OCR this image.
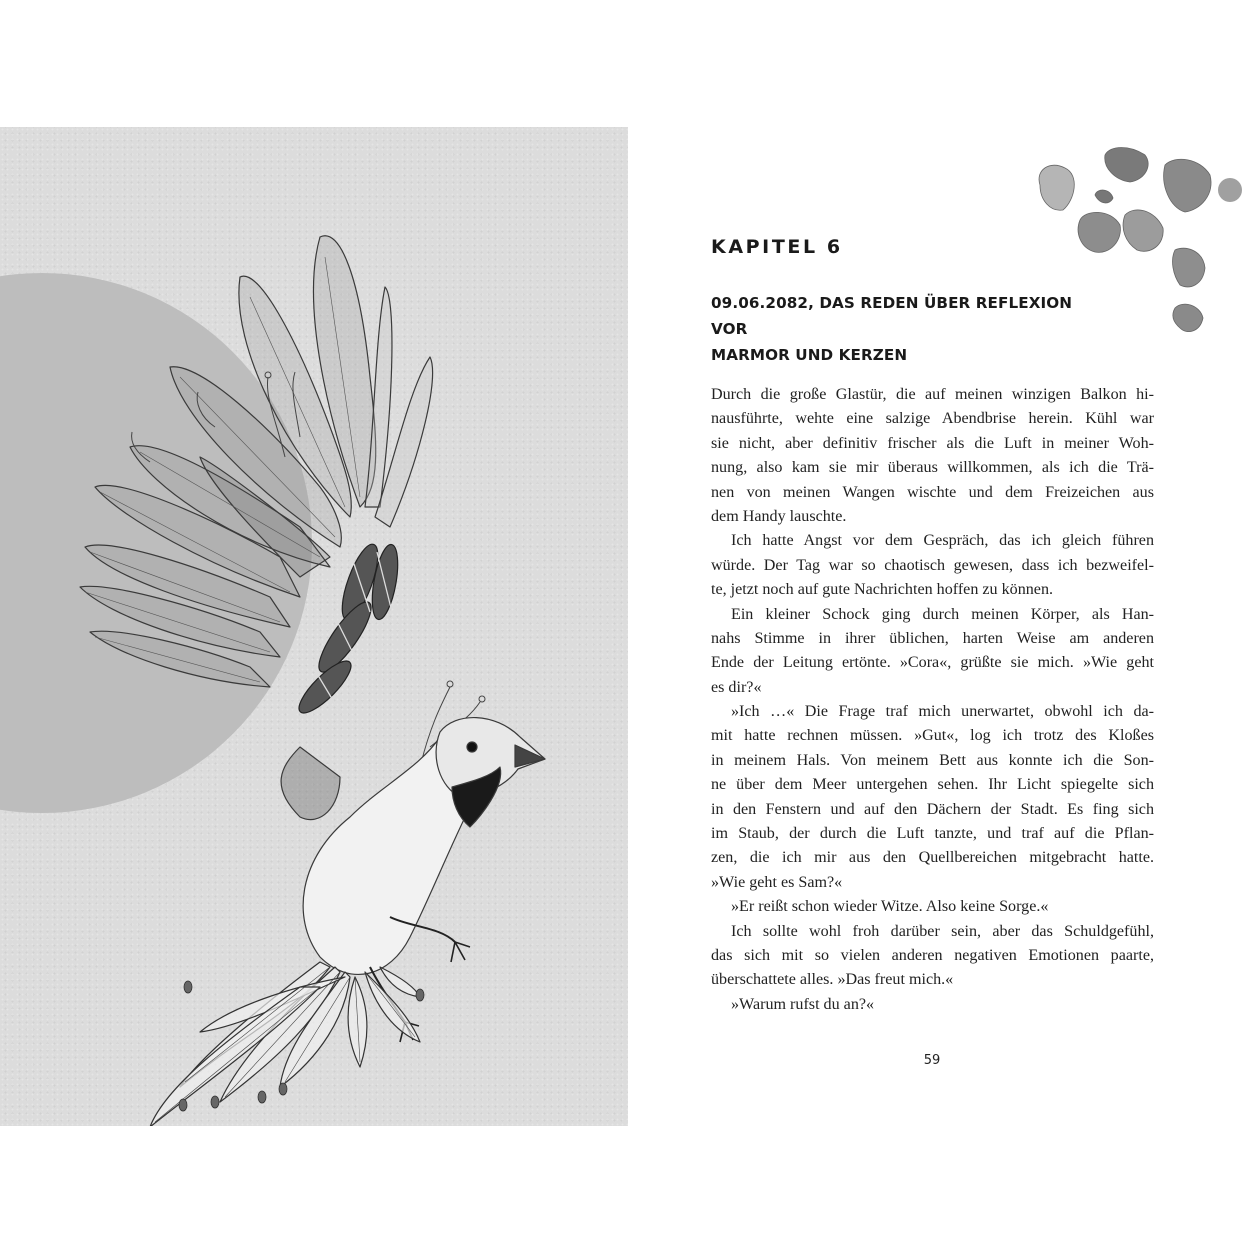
KAPITEL 6
09.06.2082, DAS REDEN ÜBER REFLEXION VOR
MARMOR UND KERZEN
Durch die große Glastür, die auf meinen winzigen Balkon hi-
nausführte, wehte eine salzige Abendbrise herein. Kühl war
sie nicht, aber definitiv frischer als die Luft in meiner Woh-
nung, also kam sie mir überaus willkommen, als ich die Trä-
nen von meinen Wangen wischte und dem Freizeichen aus
dem Handy lauschte.
Ich hatte Angst vor dem Gespräch, das ich gleich führen
würde. Der Tag war so chaotisch gewesen, dass ich bezweifel-
te, jetzt noch auf gute Nachrichten hoffen zu können.
Ein kleiner Schock ging durch meinen Körper, als Han-
nahs Stimme in ihrer üblichen, harten Weise am anderen
Ende der Leitung ertönte. »Cora«, grüßte sie mich. »Wie geht
es dir?«
»Ich …« Die Frage traf mich unerwartet, obwohl ich da-
mit hatte rechnen müssen. »Gut«, log ich trotz des Kloßes
in meinem Hals. Von meinem Bett aus konnte ich die Son-
ne über dem Meer untergehen sehen. Ihr Licht spiegelte sich
in den Fenstern und auf den Dächern der Stadt. Es fing sich
im Staub, der durch die Luft tanzte, und traf auf die Pflan-
zen, die ich mir aus den Quellbereichen mitgebracht hatte.
»Wie geht es Sam?«
»Er reißt schon wieder Witze. Also keine Sorge.«
Ich sollte wohl froh darüber sein, aber das Schuldgefühl,
das sich mit so vielen anderen negativen Emotionen paarte,
überschattete alles. »Das freut mich.«
»Warum rufst du an?«
59
